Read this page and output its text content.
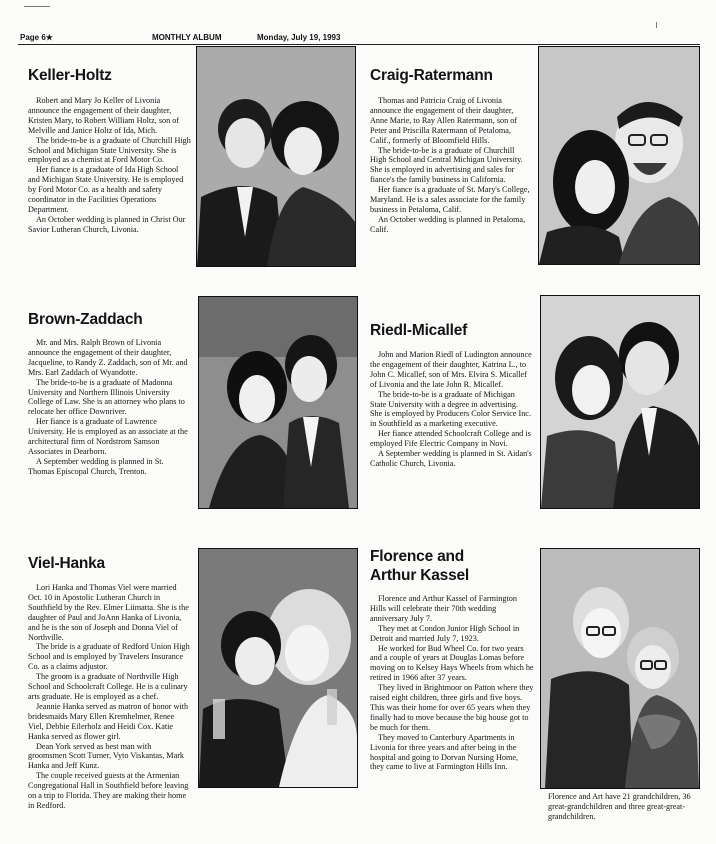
Page 6★	MONTHLY ALBUM	Monday, July 19, 1993
Keller-Holtz

Robert and Mary Jo Keller of Livonia announce the engagement of their daughter, Kristen Mary, to Robert William Holtz, son of Melville and Janice Holtz of Ida, Mich.

The bride-to-be is a graduate of Churchill High School and Michigan State University. She is employed as a chemist at Ford Motor Co.

Her fiance is a graduate of Ida High School and Michigan State University. He is employed by Ford Motor Co. as a health and safety coordinator in the Facilities Operations Department.

An October wedding is planned in Christ Our Savior Lutheran Church, Livonia.

Craig-Ratermann

Thomas and Patricia Craig of Livonia announce the engagement of their daughter, Anne Marie, to Ray Allen Ratermann, son of Peter and Priscilla Ratermann of Petaloma, Calif., formerly of Bloomfield Hills.

The bride-to-be is a graduate of Churchill High School and Central Michigan University. She is employed in advertising and sales for fiance's the family business in California.

Her fiance is a graduate of St. Mary's College, Maryland. He is a sales associate for the family business in Petaloma, Calif.

An October wedding is planned in Petaloma, Calif.

Brown-Zaddach

Mr. and Mrs. Ralph Brown of Livonia announce the engagement of their daughter, Jacqueline, to Randy Z. Zaddach, son of Mr. and Mrs. Earl Zaddach of Wyandotte.

The bride-to-be is a graduate of Madonna University and Northern Illinois University College of Law. She is an attorney who plans to relocate her office Downriver.

Her fiance is a graduate of Lawrence University. He is employed as an associate at the architectural firm of Nordstrom Samson Associates in Dearborn.

A September wedding is planned in St. Thomas Episcopal Church, Trenton.

Riedl-Micallef

John and Marion Riedl of Ludington announce the engagement of their daughter, Katrina L., to John C. Micallef, son of Mrs. Elvira S. Micallef of Livonia and the late John R. Micallef.

The bride-to-be is a graduate of Michigan State University with a degree in advertising. She is employed by Producers Color Service Inc. in Southfield as a marketing executive.

Her fiance attended Schoolcraft College and is employed Fife Electric Company in Novi.

A September wedding is planned in St. Aidan's Catholic Church, Livonia.

Viel-Hanka

Lori Hanka and Thomas Viel were married Oct. 10 in Apostolic Lutheran Church in Southfield by the Rev. Elmer Liimatta. She is the daughter of Paul and JoAnn Hanka of Livonia, and he is the son of Joseph and Donna Viel of Northville.

The bride is a graduate of Redford Union High School and is employed by Travelers Insurance Co. as a claims adjustor.

The groom is a graduate of Northville High School and Schoolcraft College. He is a culinary arts graduate. He is employed as a chef.

Jeannie Hanka served as matron of honor with bridesmaids Mary Ellen Kremhelmer, Renee Viel, Debbie Eilerholz and Heidi Cox. Katie Hanka served as flower girl.

Dean York served as best man with groomsmen Scott Turner, Vyto Viskantas, Mark Hanka and Jeff Kunz.

The couple received guests at the Armenian Congregational Hall in Southfield before leaving on a trip to Florida. They are making their home in Redford.

Florence and
Arthur Kassel

Florence and Arthur Kassel of Farmington Hills will celebrate their 70th wedding anniversary July 7.

They met at Condon Junior High School in Detroit and married July 7, 1923.

He worked for Bud Wheel Co. for two years and a couple of years at Douglas Lomas before moving on to Kelsey Hays Wheels from which he retired in 1966 after 37 years.

They lived in Brightmoor on Patton where they raised eight children, three girls and five boys. This was their home for over 65 years when they finally had to move because the big house got to be much for them.

They moved to Canterbury Apartments in Livonia for three years and after being in the hospital and going to Dorvan Nursing Home, they came to live at Farmington Hills Inn.

Florence and Art have 21 grandchildren, 36 great-grandchildren and three great-great-grandchildren.
